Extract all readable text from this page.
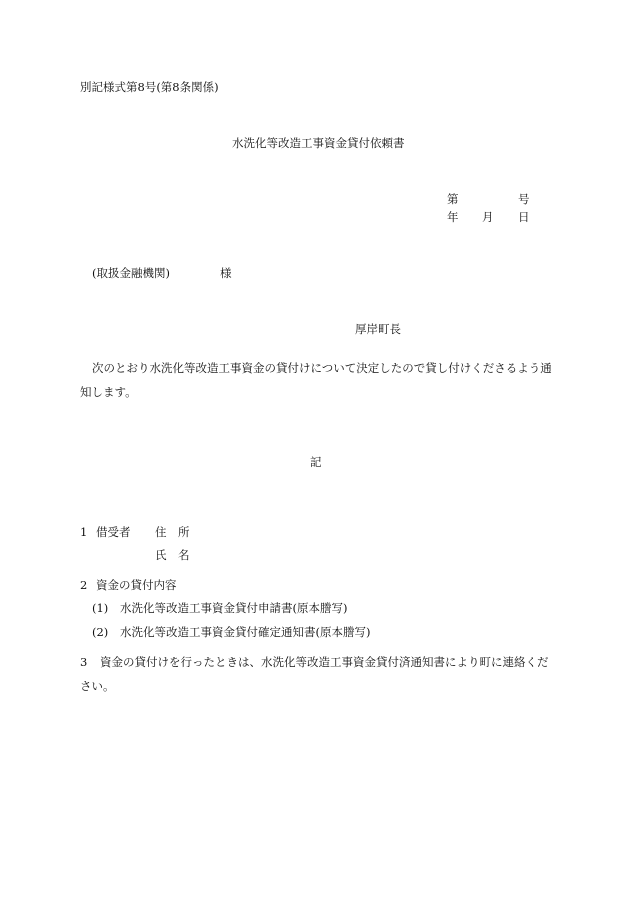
別記様式第8号(第8条関係)
水洗化等改造工事資金貸付依頼書
第	号
年 月 日
(取扱金融機関)	様
厚岸町長
次のとおり水洗化等改造工事資金の貸付けについて決定したので貸し付けくださるよう通知します。
記
1 借受者 住　所
氏　名
2 資金の貸付内容
(1) 水洗化等改造工事資金貸付申請書(原本謄写)
(2) 水洗化等改造工事資金貸付確定通知書(原本謄写)
3 資金の貸付けを行ったときは、水洗化等改造工事資金貸付済通知書により町に連絡ください。
